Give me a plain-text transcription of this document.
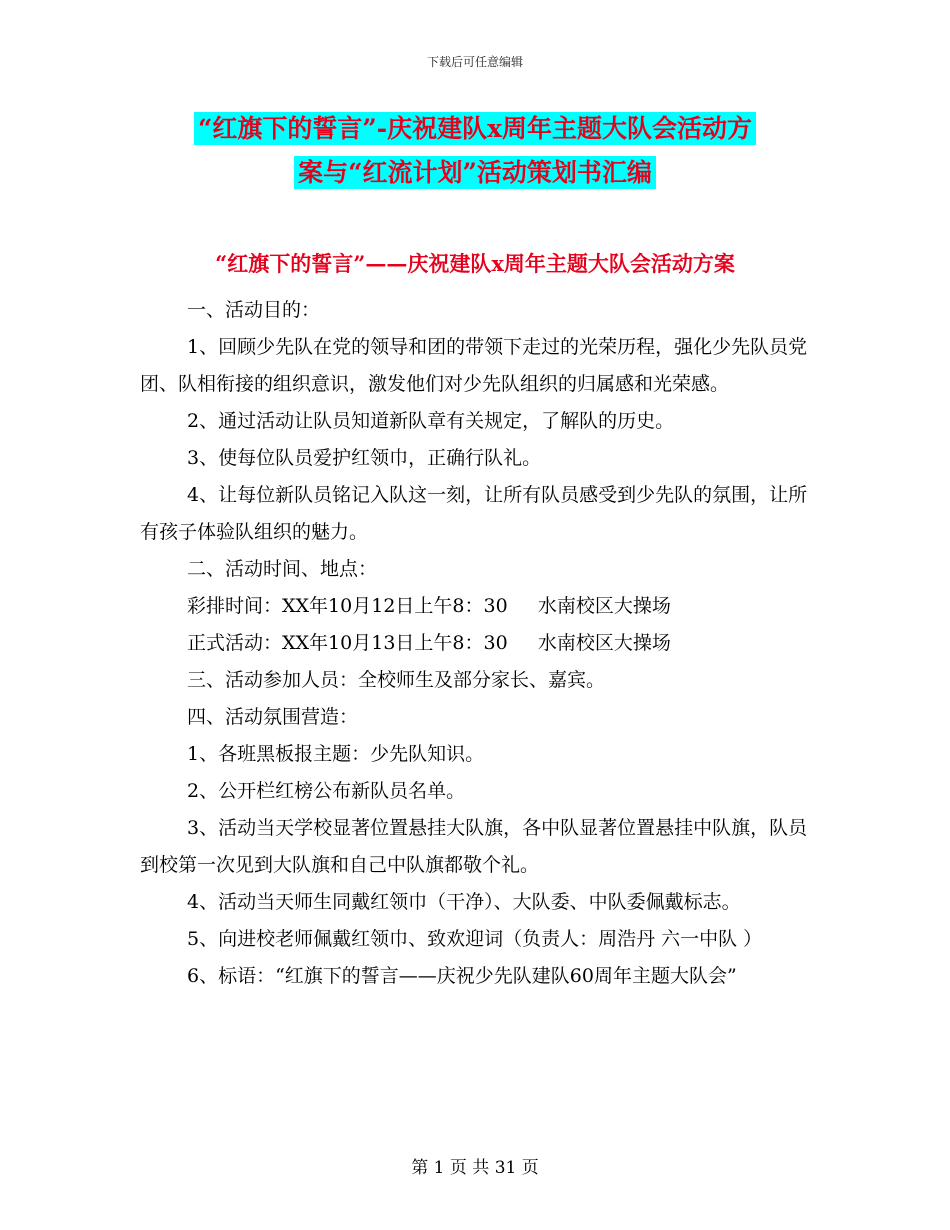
下载后可任意编辑
“红旗下的誓言”-庆祝建队x周年主题大队会活动方
案与“红流计划”活动策划书汇编
“红旗下的誓言”——庆祝建队x周年主题大队会活动方案

一、活动目的：

1、回顾少先队在党的领导和团的带领下走过的光荣历程，强化少先队员党团、队相衔接的组织意识，激发他们对少先队组织的归属感和光荣感。

2、通过活动让队员知道新队章有关规定，了解队的历史。

3、使每位队员爱护红领巾，正确行队礼。

4、让每位新队员铭记入队这一刻，让所有队员感受到少先队的氛围，让所有孩子体验队组织的魅力。

二、活动时间、地点：

彩排时间：XX年10月12日上午8：30     水南校区大操场

正式活动：XX年10月13日上午8：30     水南校区大操场

三、活动参加人员：全校师生及部分家长、嘉宾。

四、活动氛围营造：

1、各班黑板报主题：少先队知识。

2、公开栏红榜公布新队员名单。

3、活动当天学校显著位置悬挂大队旗，各中队显著位置悬挂中队旗，队员到校第一次见到大队旗和自己中队旗都敬个礼。

4、活动当天师生同戴红领巾（干净）、大队委、中队委佩戴标志。

5、向进校老师佩戴红领巾、致欢迎词（负责人：周浩丹 六一中队 ）

6、标语：“红旗下的誓言——庆祝少先队建队60周年主题大队会”

第 1 页 共 31 页
